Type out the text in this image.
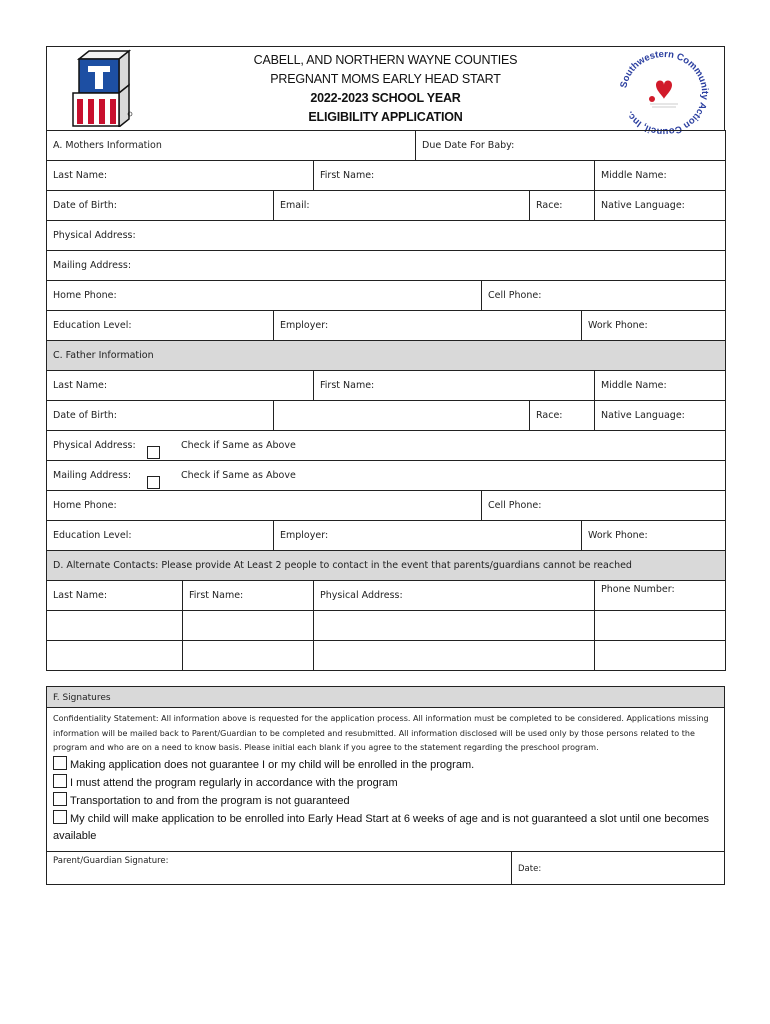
CABELL, AND NORTHERN WAYNE COUNTIES
PREGNANT MOMS EARLY HEAD START
2022-2023 SCHOOL YEAR
ELIGIBILITY APPLICATION
Southwestern Community Action Council, Inc.
A. Mothers Information				Due Date For Baby:				
Last Name:			First Name:					Middle Name:
Date of Birth:		Email:				Race:		Native Language:
Physical Address:								
Mailing Address:								
Home Phone:					Cell Phone:			
Education Level:		Employer:					Work Phone:	
C. Father Information								
Last Name:			First Name:					Middle Name:
Date of Birth:						Race:		Native Language:
Physical Address: Check if Same as Above								

Mailing Address: Check if Same as Above								

Home Phone:					Cell Phone:			
Education Level:		Employer:					Work Phone:	
D. Alternate Contacts: Please provide At Least 2 people to contact in the event that parents/guardians cannot be reached								
Last Name:	First Name:		Physical Address:					Phone Number:

F. Signatures
Confidentiality Statement: All information above is requested for the application process. All information must be completed to be considered. Applications missing information will be mailed back to Parent/Guardian to be completed and resubmitted. All information disclosed will be used only by those persons related to the program and who are on a need to know basis. Please initial each blank if you agree to the statement regarding the preschool program.
Making application does not guarantee I or my child will be enrolled in the program.
I must attend the program regularly in accordance with the program
Transportation to and from the program is not guaranteed
My child will make application to be enrolled into Early Head Start at 6 weeks of age and is not guaranteed a slot until one becomes available
Parent/Guardian Signature:
Date:
